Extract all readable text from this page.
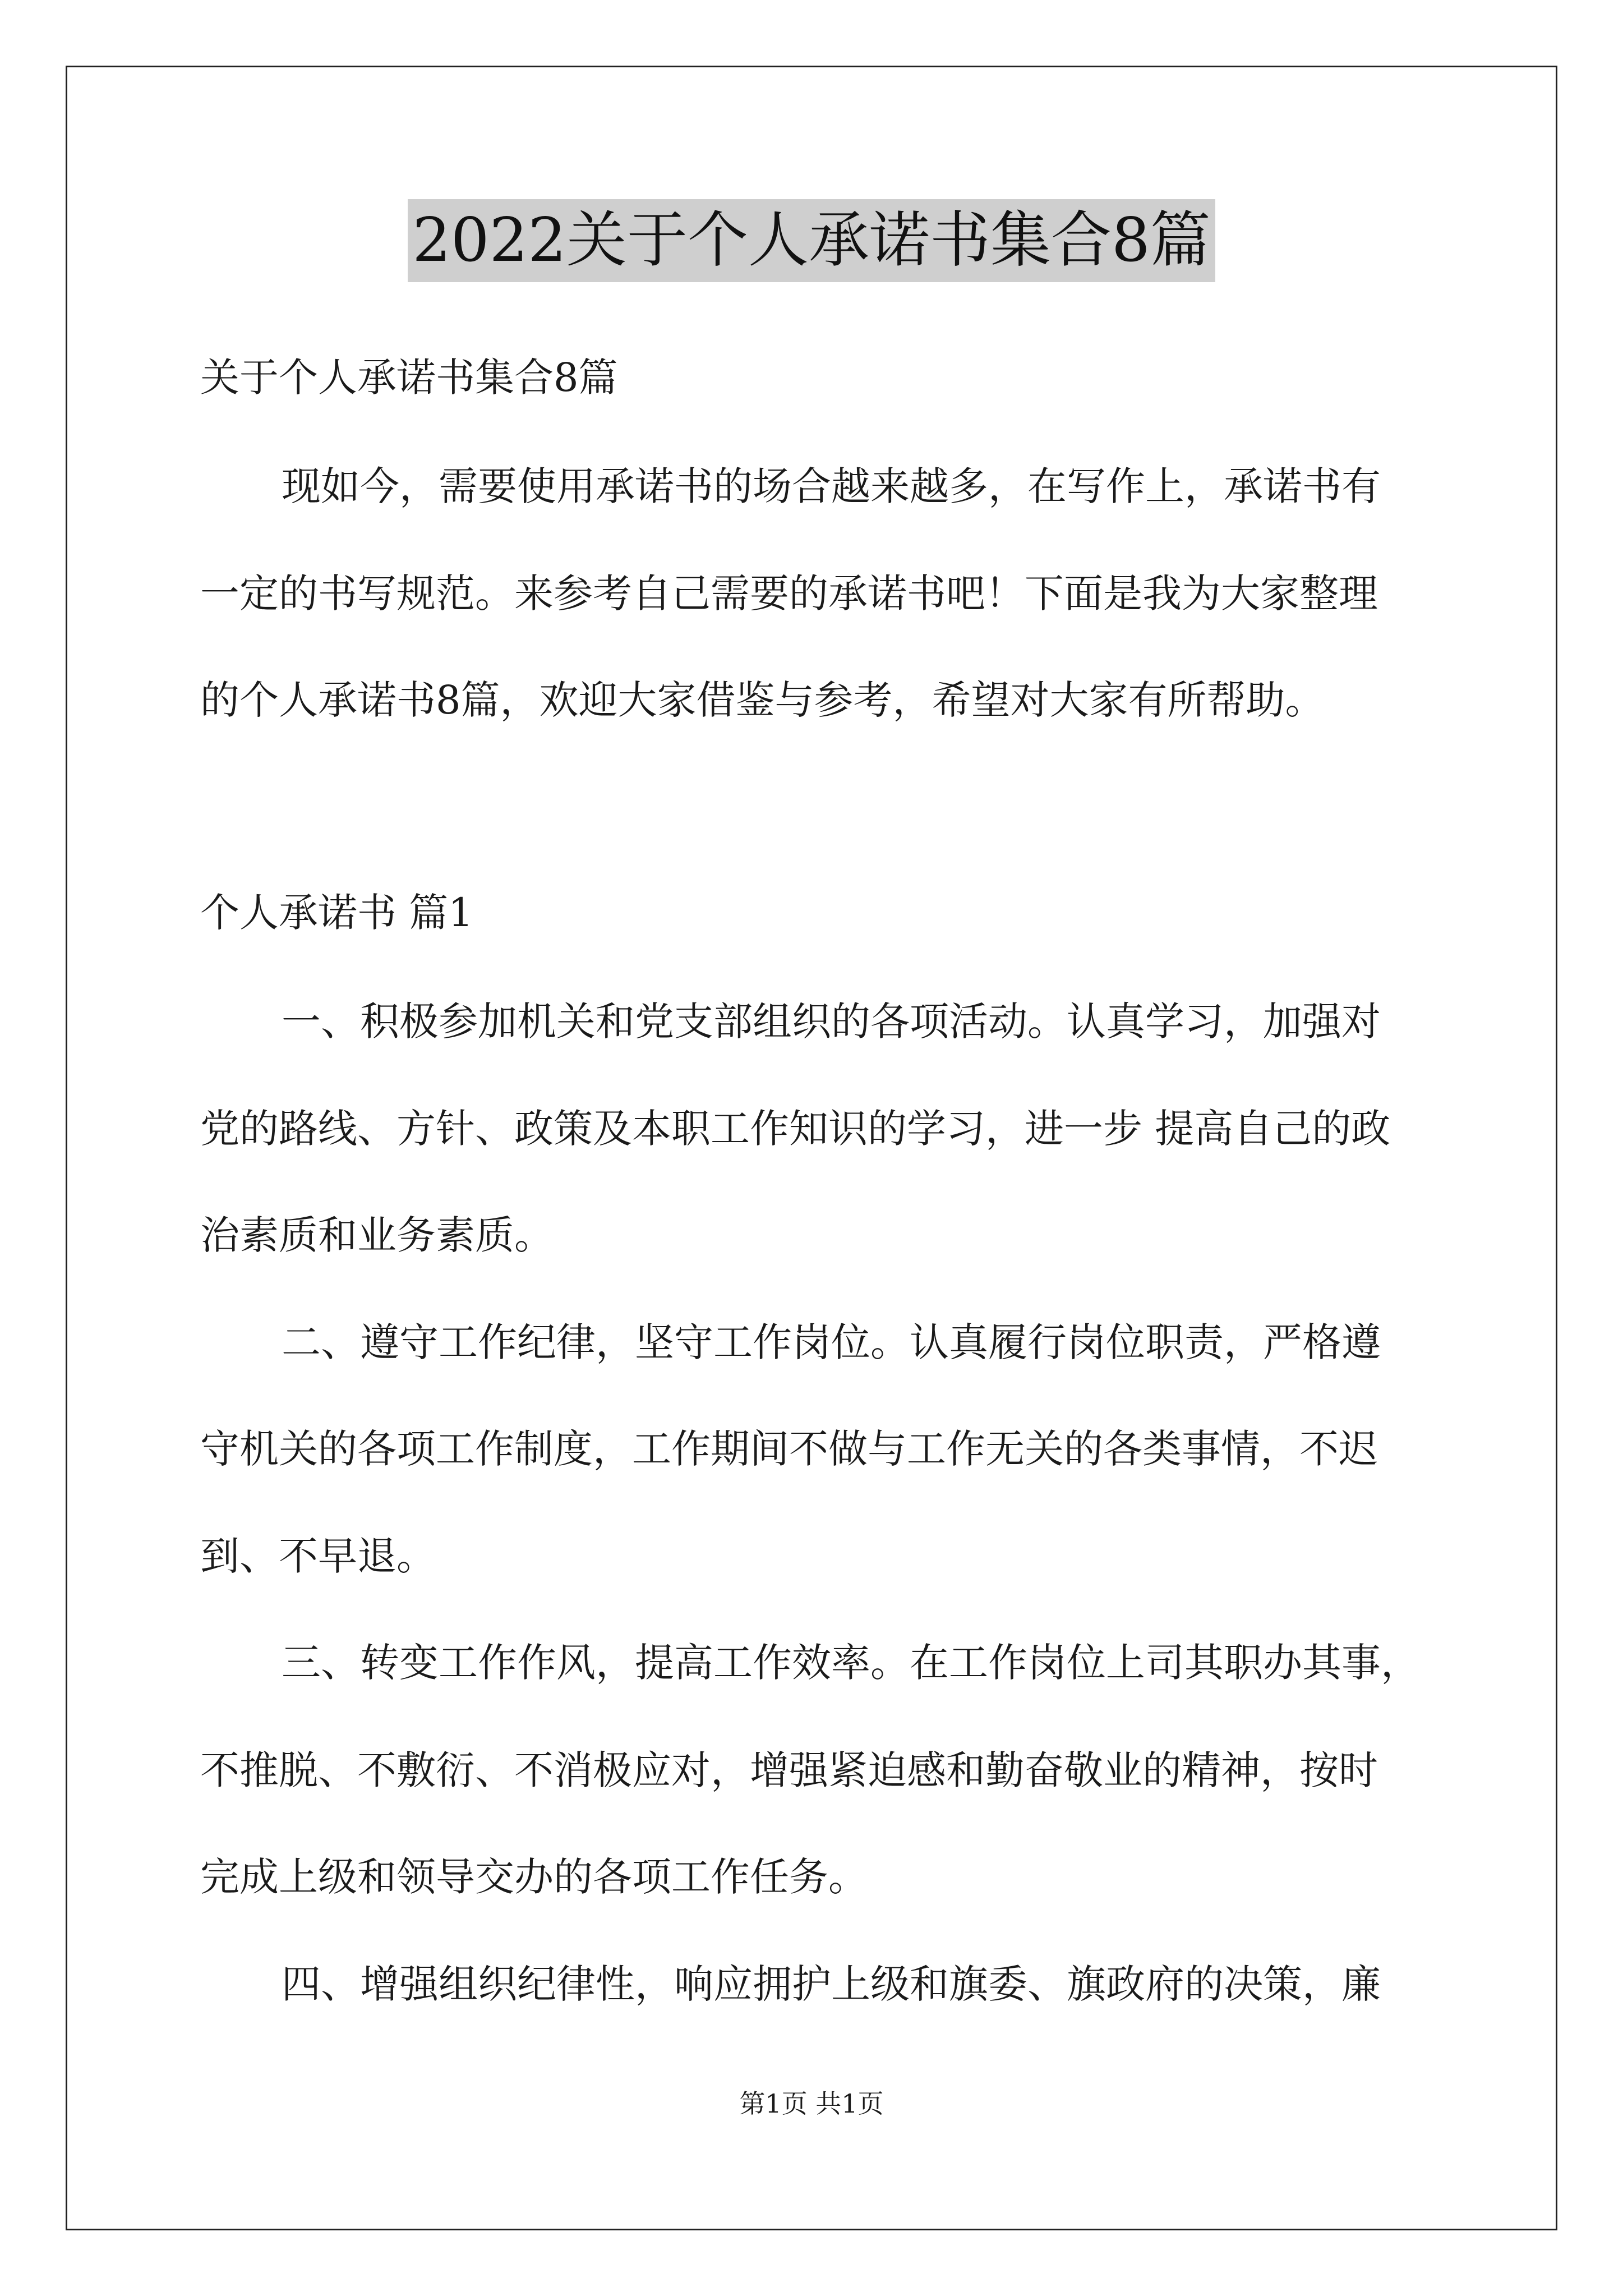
2022关于个人承诺书集合8篇
关于个人承诺书集合8篇
现如今，需要使用承诺书的场合越来越多，在写作上，承诺书有
一定的书写规范。来参考自己需要的承诺书吧！下面是我为大家整理
的个人承诺书8篇，欢迎大家借鉴与参考，希望对大家有所帮助。
个人承诺书 篇1
一、积极参加机关和党支部组织的各项活动。认真学习，加强对
党的路线、方针、政策及本职工作知识的学习，进一步 提高自己的政
治素质和业务素质。
二、遵守工作纪律，坚守工作岗位。认真履行岗位职责，严格遵
守机关的各项工作制度，工作期间不做与工作无关的各类事情，不迟
到、不早退。
三、转变工作作风，提高工作效率。在工作岗位上司其职办其事，
不推脱、不敷衍、不消极应对，增强紧迫感和勤奋敬业的精神，按时
完成上级和领导交办的各项工作任务。
四、增强组织纪律性，响应拥护上级和旗委、旗政府的决策，廉
第1页 共1页
